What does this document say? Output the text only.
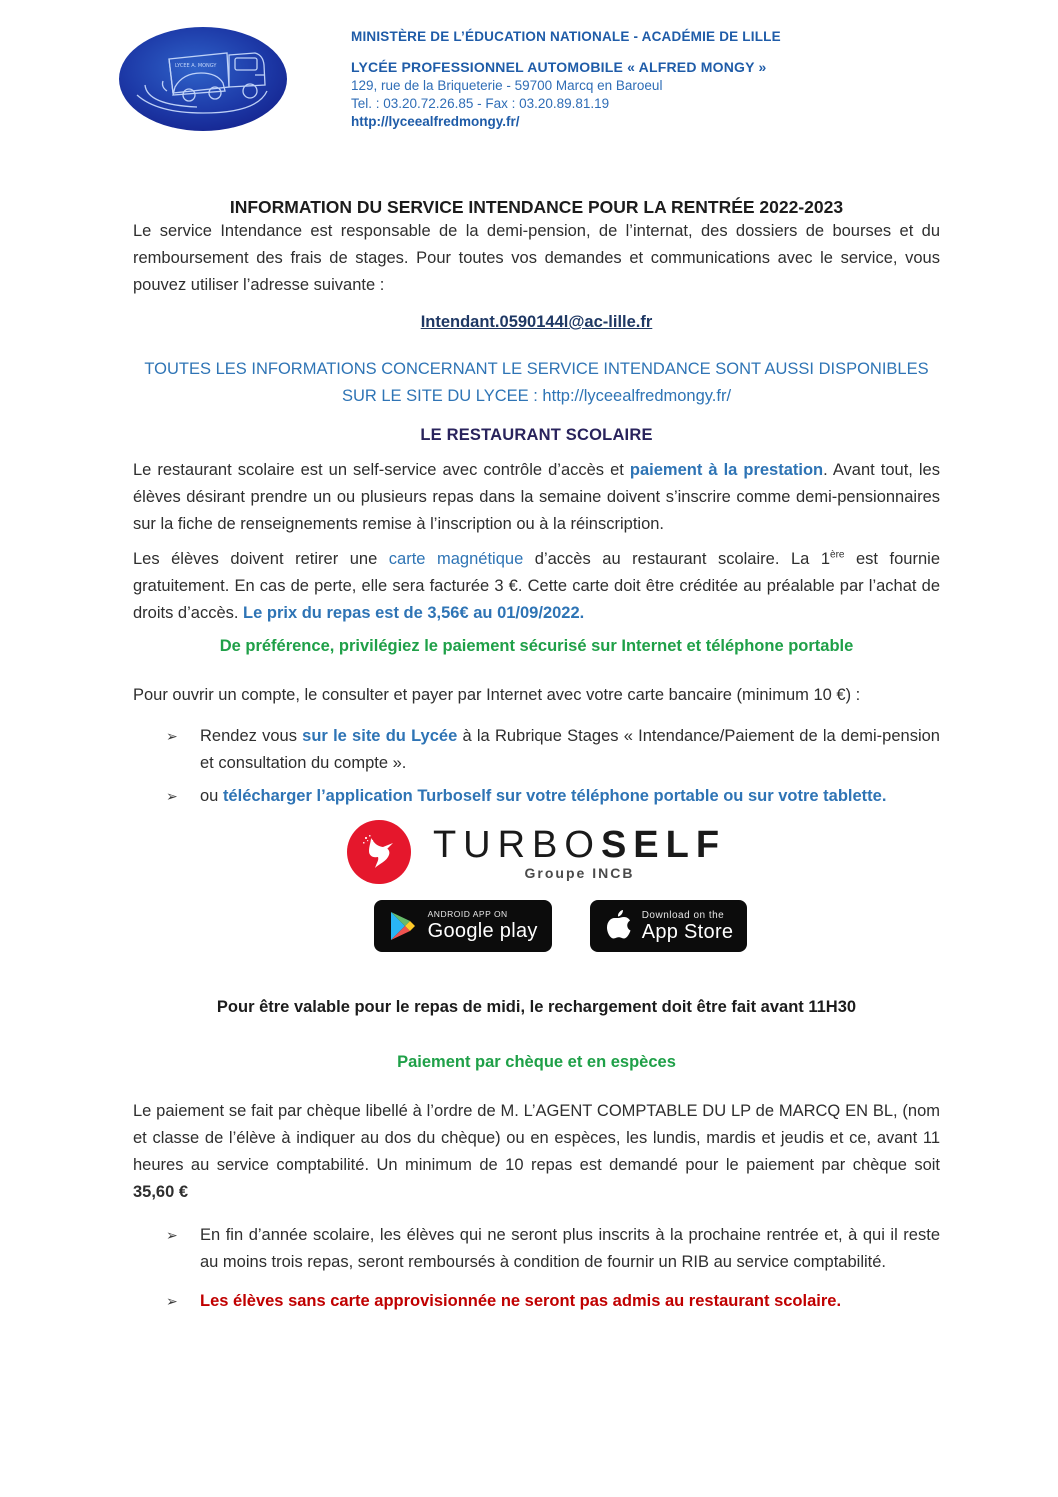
LYCEE A. MONGY
MINISTÈRE DE L’ÉDUCATION NATIONALE - ACADÉMIE DE LILLE
LYCÉE PROFESSIONNEL AUTOMOBILE « ALFRED MONGY »
129, rue de la Briqueterie - 59700 Marcq en Baroeul
Tel. : 03.20.72.26.85 - Fax : 03.20.89.81.19
http://lyceealfredmongy.fr/
INFORMATION DU SERVICE INTENDANCE POUR LA RENTRÉE 2022-2023

Le service Intendance est responsable de la demi-pension, de l’internat, des dossiers de bourses et du remboursement des frais de stages. Pour toutes vos demandes et communications avec le service, vous pouvez utiliser l’adresse suivante :

Intendant.0590144l@ac-lille.fr
TOUTES LES INFORMATIONS CONCERNANT LE SERVICE INTENDANCE SONT AUSSI DISPONIBLES SUR LE SITE DU LYCEE : http://lyceealfredmongy.fr/
LE RESTAURANT SCOLAIRE

Le restaurant scolaire est un self-service avec contrôle d’accès et paiement à la prestation. Avant tout, les élèves désirant prendre un ou plusieurs repas dans la semaine doivent s’inscrire comme demi-pensionnaires sur la fiche de renseignements remise à l’inscription ou à la réinscription.

Les élèves doivent retirer une carte magnétique d’accès au restaurant scolaire. La 1ère est fournie gratuitement. En cas de perte, elle sera facturée 3 €. Cette carte doit être créditée au préalable par l’achat de droits d’accès. Le prix du repas est de 3,56€ au 01/09/2022.

De préférence, privilégiez le paiement sécurisé sur Internet et téléphone portable

Pour ouvrir un compte, le consulter et payer par Internet avec votre carte bancaire (minimum 10 €) :

➢ Rendez vous sur le site du Lycée à la Rubrique Stages « Intendance/Paiement de la demi-pension et consultation du compte ».
➢ ou télécharger l’application Turboself sur votre téléphone portable ou sur votre tablette.
TURBOSELF
Groupe INCB
ANDROID APP ON
Google play
Download on the
App Store
Pour être valable pour le repas de midi, le rechargement doit être fait avant 11H30
Paiement par chèque et en espèces

Le paiement se fait par chèque libellé à l’ordre de M. L’AGENT COMPTABLE DU LP de MARCQ EN BL, (nom et classe de l’élève à indiquer au dos du chèque) ou en espèces, les lundis, mardis et jeudis et ce, avant 11 heures au service comptabilité. Un minimum de 10 repas est demandé pour le paiement par chèque soit 35,60 €

➢ En fin d’année scolaire, les élèves qui ne seront plus inscrits à la prochaine rentrée et, à qui il reste au moins trois repas, seront remboursés à condition de fournir un RIB au service comptabilité.
➢ Les élèves sans carte approvisionnée ne seront pas admis au restaurant scolaire.
